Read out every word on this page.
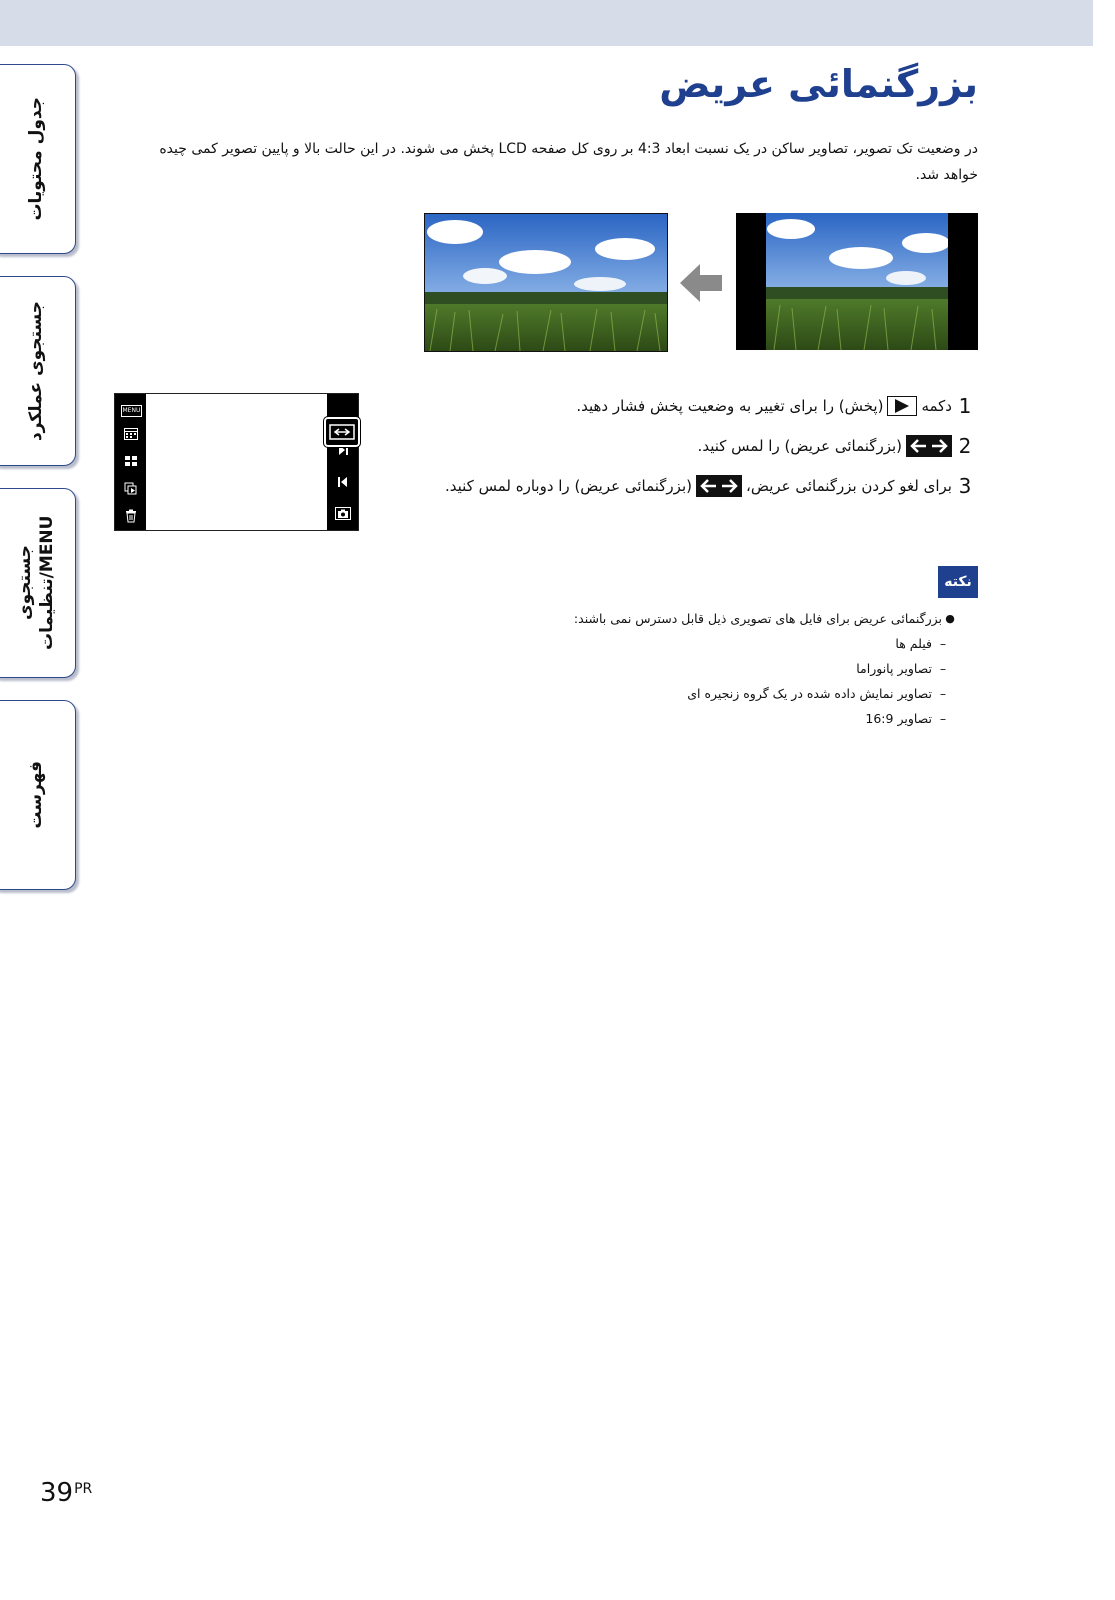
جدول محتویات
جستجوی عملکرد
جستجوی تنظیمات/MENU
فهرست
بزرگنمائی عریض

در وضعیت تک تصویر، تصاویر ساکن در یک نسبت ابعاد 4:3 بر روی کل صفحه LCD پخش می شوند. در این حالت بالا و پایین تصویر کمی چیده خواهد شد.

MENU	1
دکمه
(پخش) را برای تغییر به وضعیت پخش فشار دهید.
2
(بزرگنمائی عریض) را لمس کنید.
3
برای لغو کردن بزرگنمائی عریض،
(بزرگنمائی عریض) را دوباره لمس کنید.
نکته
●
بزرگنمائی عریض برای فایل های تصویری ذیل قابل دسترس نمی باشند:
–
فیلم ها
–
تصاویر پانوراما
–
تصاویر نمایش داده شده در یک گروه زنجیره ای
–
تصاویر 16:9
$39^{PR}$
